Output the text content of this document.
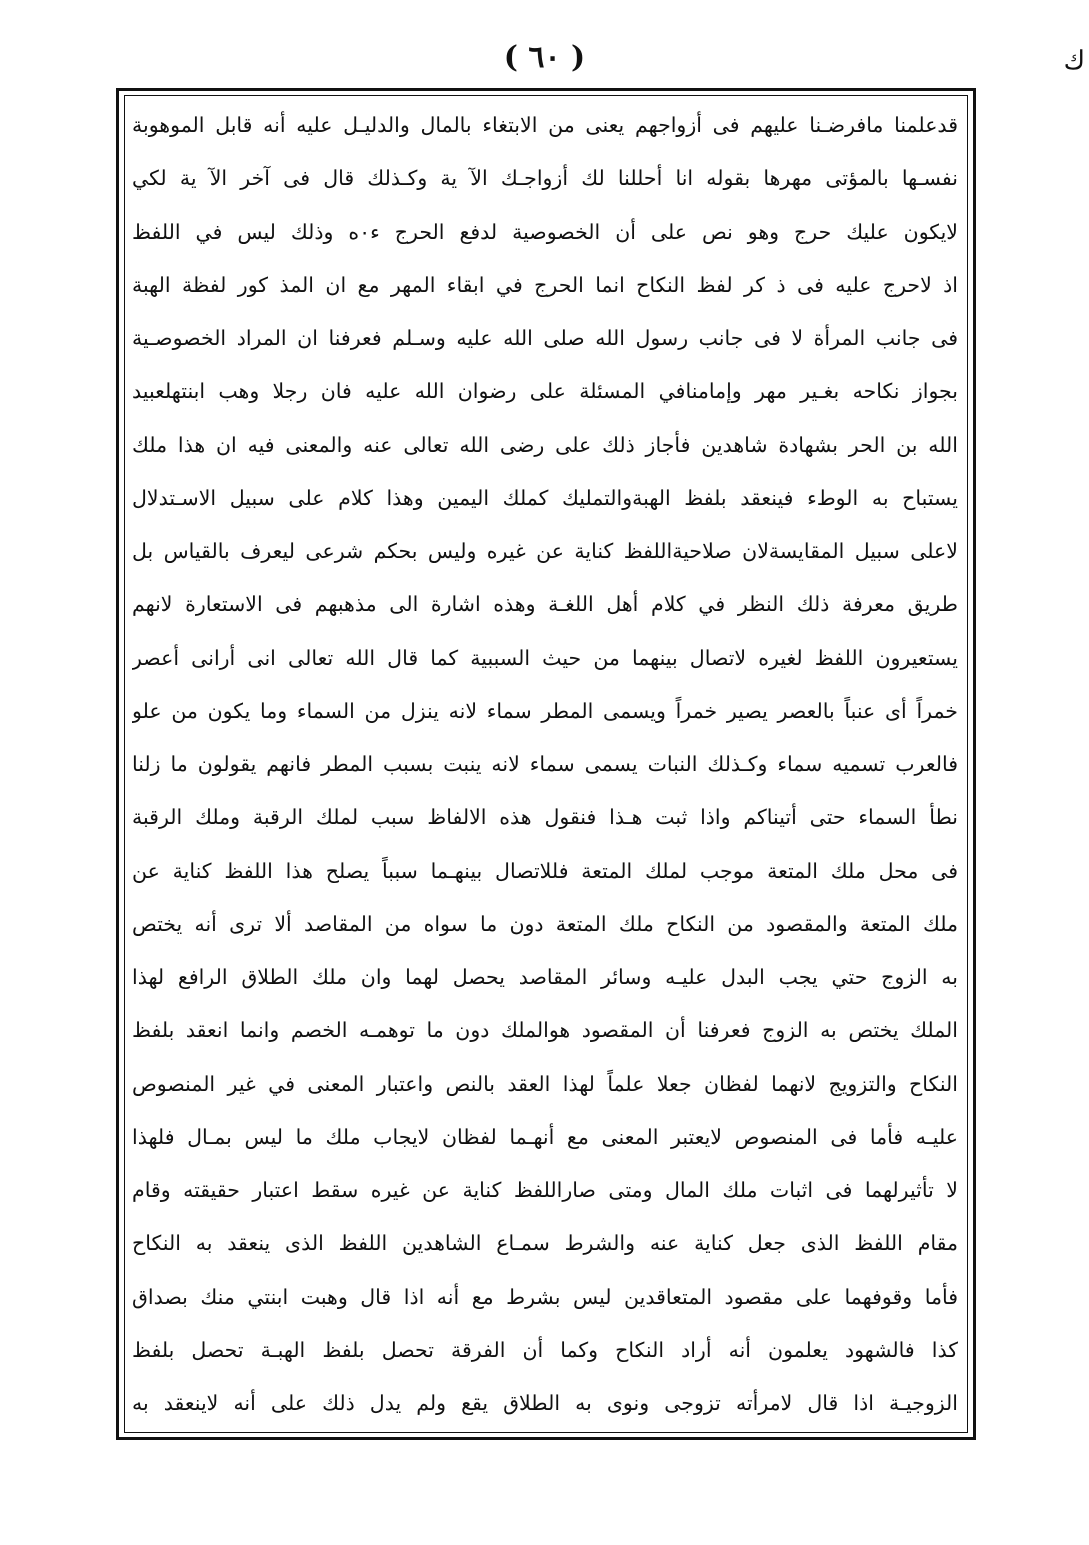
( ٦٠ )	ك
قدعلمنا مافرضـنا عليهم فى أزواجهم يعنى من الابتغاء بالمال والدليـل عليه أنه قابل الموهوبة
نفسـها بالمؤتى مهرها بقوله انا أحللنا لك أزواجـك الآ ية وكـذلك قال فى آخر الآ ية لكي
لايكون عليك حرج وهو نص على أن الخصوصية لدفع الحرج ء٠ه وذلك ليس في اللفظ
اذ لاحرج عليه فى ذ كر لفظ النكاح انما الحرج في ابقاء المهر مع ان المذ كور لفظة الهبة
فى جانب المرأة لا فى جانب رسول الله صلى الله عليه وسـلم فعرفنا ان المراد الخصوصـية
بجواز نكاحه بغـير مهر وإمامنافي المسئلة على رضوان الله عليه فان رجلا وهب ابنتهلعبيد
الله بن الحر بشهادة شاهدين فأجاز ذلك على رضى الله تعالى عنه والمعنى فيه ان هذا ملك
يستباح به الوطء فينعقد بلفظ الهبةوالتمليك كملك اليمين وهذا كلام على سبيل الاسـتدلال
لاعلى سبيل المقايسةلان صلاحيةاللفظ كناية عن غيره وليس بحكم شرعى ليعرف بالقياس بل
طريق معرفة ذلك النظر في كلام أهل اللغـة وهذه اشارة الى مذهبهم فى الاستعارة لانهم
يستعيرون اللفظ لغيره لاتصال بينهما من حيث السببية كما قال الله تعالى انى أرانى أعصر
خمراً أى عنباً بالعصر يصير خمراً ويسمى المطر سماء لانه ينزل من السماء وما يكون من علو
فالعرب تسميه سماء وكـذلك النبات يسمى سماء لانه ينبت بسبب المطر فانهم يقولون ما زلنا
نطأ السماء حتى أتيناكم واذا ثبت هـذا فنقول هذه الالفاظ سبب لملك الرقبة وملك الرقبة
فى محل ملك المتعة موجب لملك المتعة فللاتصال بينهـما سبباً يصلح هذا اللفظ كناية عن
ملك المتعة والمقصود من النكاح ملك المتعة دون ما سواه من المقاصد ألا ترى أنه يختص
به الزوج حتي يجب البدل عليـه وسائر المقاصد يحصل لهما وان ملك الطلاق الرافع لهذا
الملك يختص به الزوج فعرفنا أن المقصود هوالملك دون ما توهمـه الخصم وانما انعقد بلفظ
النكاح والتزويج لانهما لفظان جعلا علماً لهذا العقد بالنص واعتبار المعنى في غير المنصوص
عليـه فأما فى المنصوص لايعتبر المعنى مع أنهـما لفظان لايجاب ملك ما ليس بمـال فلهذا
لا تأثيرلهما فى اثبات ملك المال ومتى صاراللفظ كناية عن غيره سقط اعتبار حقيقته وقام
مقام اللفظ الذى جعل كناية عنه والشرط سمـاع الشاهدين اللفظ الذى ينعقد به النكاح
فأما وقوفهما على مقصود المتعاقدين ليس بشرط مع أنه اذا قال وهبت ابنتي منك بصداق
كذا فالشهود يعلمون أنه أراد النكاح وكما أن الفرقة تحصل بلفظ الهبـة تحصل بلفظ
الزوجيـة اذا قال لامرأته تزوجى ونوى به الطلاق يقع ولم يدل ذلك على أنه لاينعقد به
